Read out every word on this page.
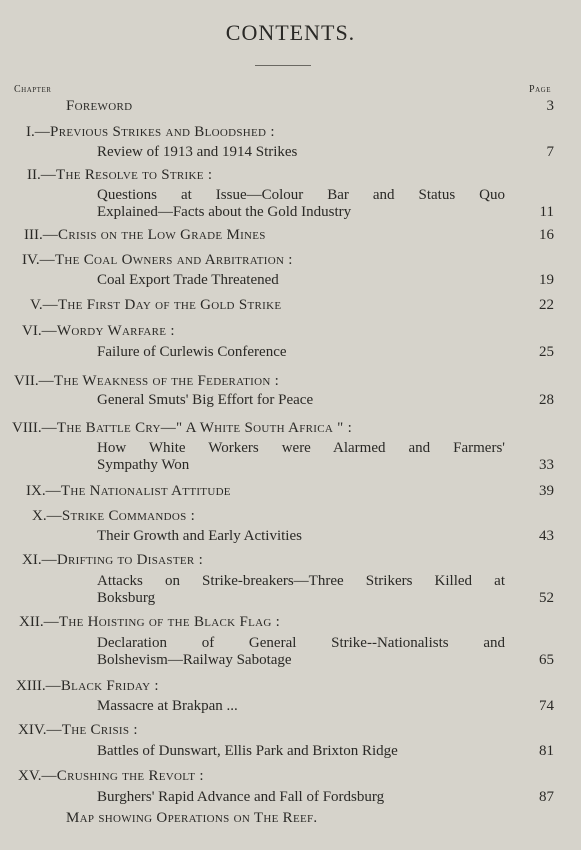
CONTENTS.
Chapter	Page
Foreword	3
I. —Previous Strikes and Bloodshed :
Review of 1913 and 1914 Strikes	7
II. —The Resolve to Strike :
Questions at Issue—Colour Bar and Status Quo
Explained—Facts about the Gold Industry	11
III. —Crisis on the Low Grade Mines	16
IV. —The Coal Owners and Arbitration :
Coal Export Trade Threatened	19
V. —The First Day of the Gold Strike	22
VI. —Wordy Warfare :
Failure of Curlewis Conference	25
VII. —The Weakness of the Federation :
General Smuts' Big Effort for Peace	28
VIII. —The Battle Cry—" A White South Africa " :
How White Workers were Alarmed and Farmers'
Sympathy Won	33
IX. —The Nationalist Attitude	39
X. —Strike Commandos :
Their Growth and Early Activities	43
XI. —Drifting to Disaster :
Attacks on Strike-breakers—Three Strikers Killed at
Boksburg	52
XII. —The Hoisting of the Black Flag :
Declaration of General Strike--Nationalists and
Bolshevism—Railway Sabotage	65
XIII. —Black Friday :
Massacre at Brakpan ...	74
XIV. —The Crisis :
Battles of Dunswart, Ellis Park and Brixton Ridge	81
XV. —Crushing the Revolt :
Burghers' Rapid Advance and Fall of Fordsburg	87
Map showing Operations on The Reef.
